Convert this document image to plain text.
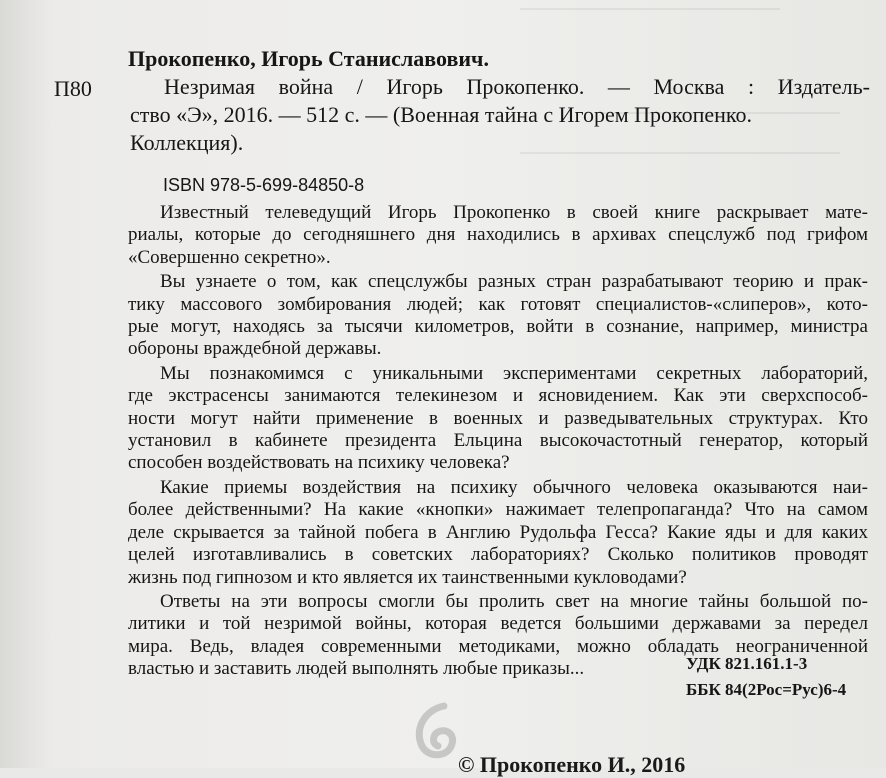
Прокопенко, Игорь Станиславович.
П80	Незримая война / Игорь Прокопенко. — Москва : Издатель-
ство «Э», 2016. — 512 с. — (Военная тайна с Игорем Прокопенко.
Коллекция).
ISBN 978-5-699-84850-8
Известный телеведущий Игорь Прокопенко в своей книге раскрывает мате-
риалы, которые до сегодняшнего дня находились в архивах спецслужб под грифом
«Совершенно секретно».
Вы узнаете о том, как спецслужбы разных стран разрабатывают теорию и прак-
тику массового зомбирования людей; как готовят специалистов-«слиперов», кото-
рые могут, находясь за тысячи километров, войти в сознание, например, министра
обороны враждебной державы.
Мы познакомимся с уникальными экспериментами секретных лабораторий,
где экстрасенсы занимаются телекинезом и ясновидением. Как эти сверхспособ-
ности могут найти применение в военных и разведывательных структурах. Кто
установил в кабинете президента Ельцина высокочастотный генератор, который
способен воздействовать на психику человека?
Какие приемы воздействия на психику обычного человека оказываются наи-
более действенными? На какие «кнопки» нажимает телепропаганда? Что на самом
деле скрывается за тайной побега в Англию Рудольфа Гесса? Какие яды и для каких
целей изготавливались в советских лабораториях? Сколько политиков проводят
жизнь под гипнозом и кто является их таинственными кукловодами?
Ответы на эти вопросы смогли бы пролить свет на многие тайны большой по-
литики и той незримой войны, которая ведется большими державами за передел
мира. Ведь, владея современными методиками, можно обладать неограниченной
властью и заставить людей выполнять любые приказы...	УДК 821.161.1-3
ББК 84(2Рос=Рус)6-4
© Прокопенко И., 2016
